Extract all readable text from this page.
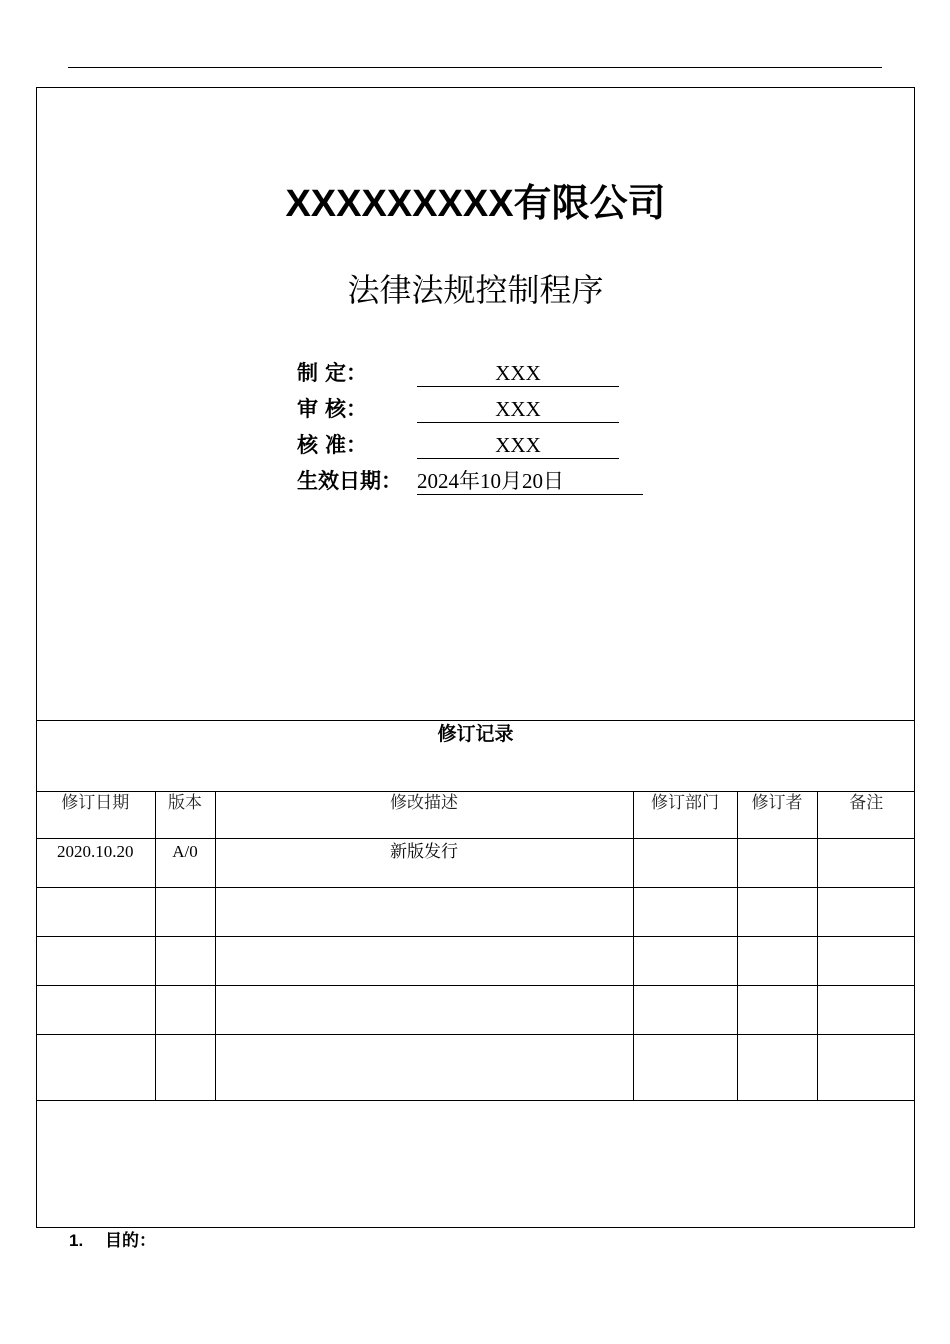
XXXXXXXXX有限公司
法律法规控制程序
制 定：	XXX
审 核：	XXX
核 准：	XXX
生效日期： 2024年10月20日
修订记录
修订日期	版本	修改描述	修订部门	修订者	备注
2020.10.20	A/0	新版发行			

1. 目的：
